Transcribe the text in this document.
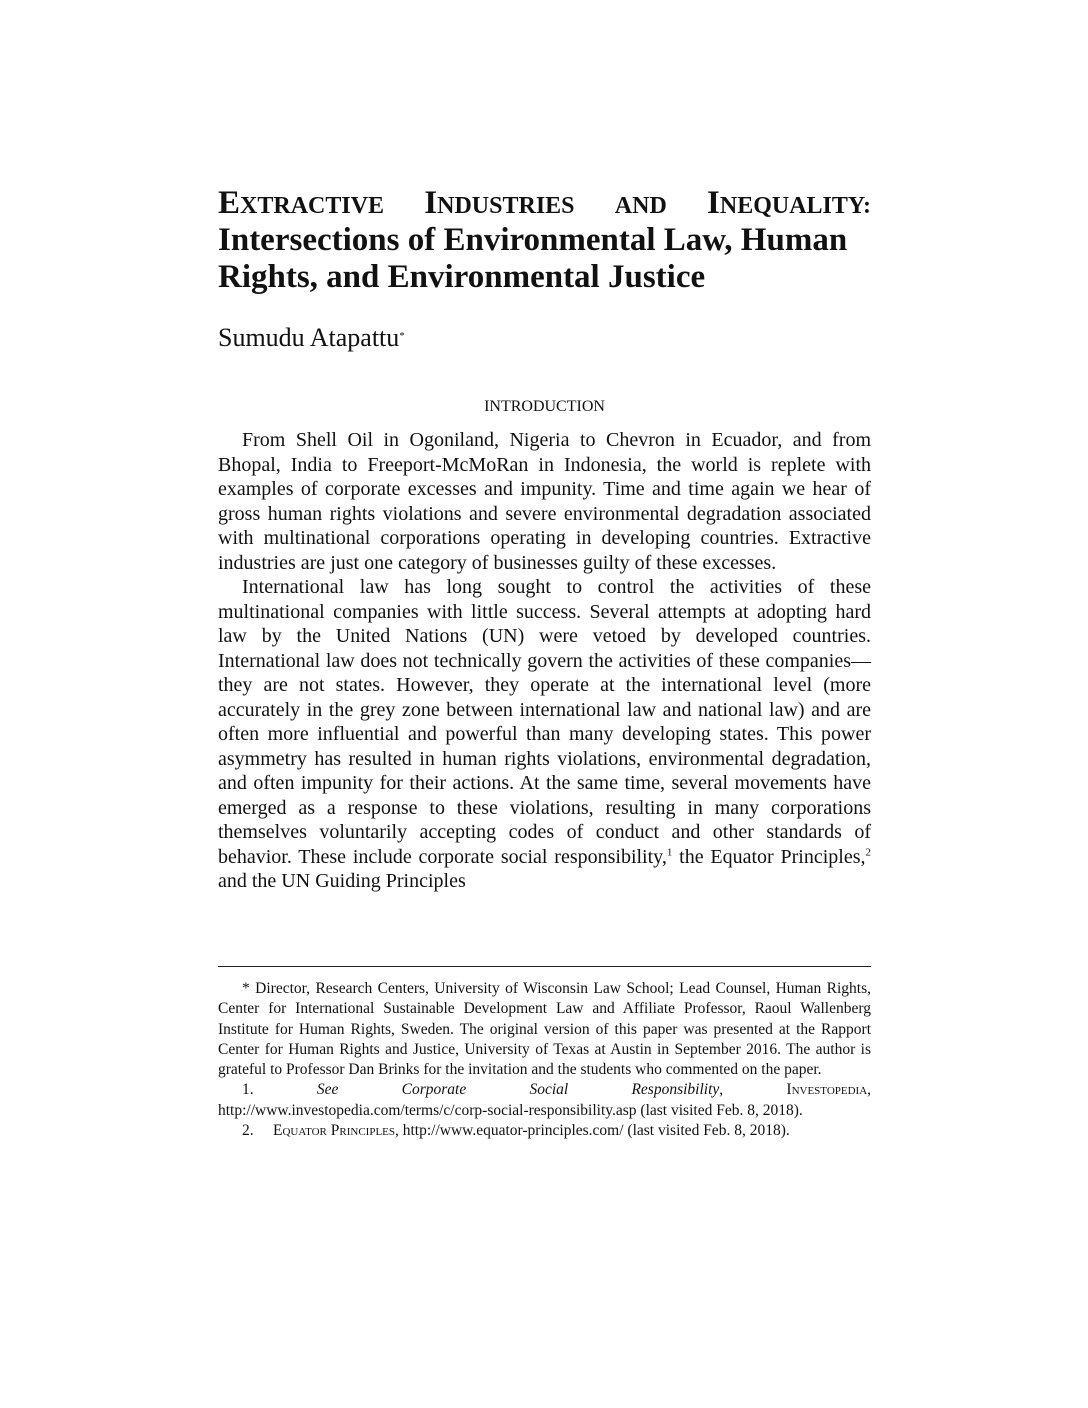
EXTRACTIVE INDUSTRIES AND INEQUALITY:
Intersections of Environmental Law, Human Rights, and Environmental Justice
Sumudu Atapattu*
INTRODUCTION

From Shell Oil in Ogoniland, Nigeria to Chevron in Ecuador, and from Bhopal, India to Freeport-McMoRan in Indonesia, the world is replete with examples of corporate excesses and impunity. Time and time again we hear of gross human rights violations and severe environmental degradation associated with multinational corporations operating in developing countries. Extractive industries are just one category of businesses guilty of these excesses.

International law has long sought to control the activities of these multinational companies with little success. Several attempts at adopting hard law by the United Nations (UN) were vetoed by developed countries. International law does not technically govern the activities of these companies—they are not states. However, they operate at the international level (more accurately in the grey zone between international law and national law) and are often more influential and powerful than many developing states. This power asymmetry has resulted in human rights violations, environmental degradation, and often impunity for their actions. At the same time, several movements have emerged as a response to these violations, resulting in many corporations themselves voluntarily accepting codes of conduct and other standards of behavior. These include corporate social responsibility,$^1$ the Equator Principles,$^2$ and the UN Guiding Principles

* Director, Research Centers, University of Wisconsin Law School; Lead Counsel, Human Rights, Center for International Sustainable Development Law and Affiliate Professor, Raoul Wallenberg Institute for Human Rights, Sweden. The original version of this paper was presented at the Rapport Center for Human Rights and Justice, University of Texas at Austin in September 2016. The author is grateful to Professor Dan Brinks for the invitation and the students who commented on the paper.

1.	See	Corporate Social Responsibility,	Investopedia,

http://www.investopedia.com/terms/c/corp-social-responsibility.asp (last visited Feb. 8, 2018).

2. Equator Principles, http://www.equator-principles.com/ (last visited Feb. 8, 2018).
